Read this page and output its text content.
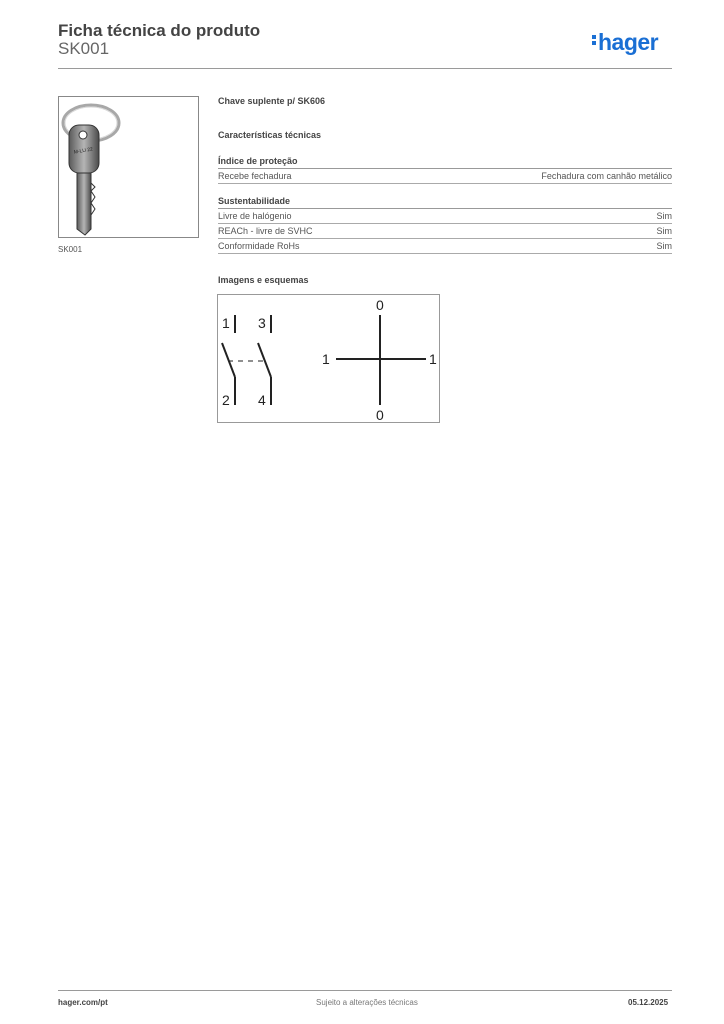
Ficha técnica do produto
SK001	hager
M-LU 22
SK001
Chave suplente p/ SK606
Características técnicas
Índice de proteção
Recebe fechadura	Fechadura com canhão metálico
Sustentabilidade
Livre de halógenio	Sim
REACh - livre de SVHC	Sim
Conformidade RoHs	Sim
Imagens e esquemas
1 3
2 4
0
0
1	1
hager.com/pt	Sujeito a alterações técnicas	05.12.2025
